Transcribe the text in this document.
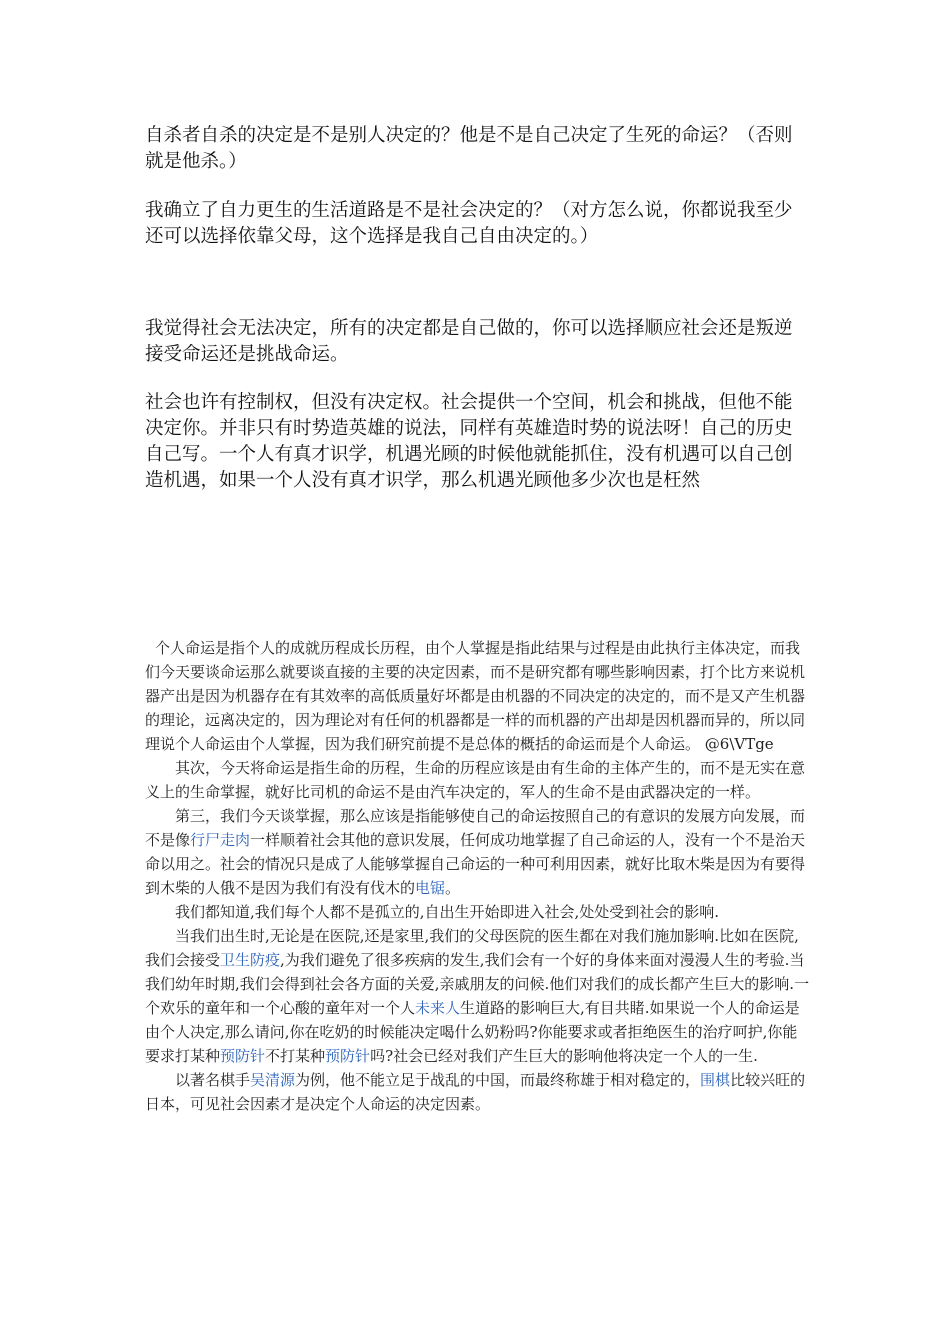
自杀者自杀的决定是不是别人决定的？他是不是自己决定了生死的命运？（否则就是他杀。）

我确立了自力更生的生活道路是不是社会决定的？（对方怎么说，你都说我至少还可以选择依靠父母，这个选择是我自己自由决定的。）

我觉得社会无法决定，所有的决定都是自己做的，你可以选择顺应社会还是叛逆接受命运还是挑战命运。

社会也许有控制权，但没有决定权。社会提供一个空间，机会和挑战，但他不能决定你。并非只有时势造英雄的说法，同样有英雄造时势的说法呀！自己的历史自己写。一个人有真才识学，机遇光顾的时候他就能抓住，没有机遇可以自己创造机遇，如果一个人没有真才识学，那么机遇光顾他多少次也是枉然

个人命运是指个人的成就历程成长历程，由个人掌握是指此结果与过程是由此执行主体决定，而我们今天要谈命运那么就要谈直接的主要的决定因素，而不是研究都有哪些影响因素，打个比方来说机器产出是因为机器存在有其效率的高低质量好坏都是由机器的不同决定的决定的，而不是又产生机器的理论，远离决定的，因为理论对有任何的机器都是一样的而机器的产出却是因机器而异的，所以同理说个人命运由个人掌握，因为我们研究前提不是总体的概括的命运而是个人命运。 @6\VTge

其次，今天将命运是指生命的历程，生命的历程应该是由有生命的主体产生的，而不是无实在意义上的生命掌握，就好比司机的命运不是由汽车决定的，军人的生命不是由武器决定的一样。

第三，我们今天谈掌握，那么应该是指能够使自己的命运按照自己的有意识的发展方向发展，而不是像行尸走肉一样顺着社会其他的意识发展，任何成功地掌握了自己命运的人，没有一个不是治天命以用之。社会的情况只是成了人能够掌握自己命运的一种可利用因素，就好比取木柴是因为有要得到木柴的人俄不是因为我们有没有伐木的电锯。

我们都知道,我们每个人都不是孤立的,自出生开始即进入社会,处处受到社会的影响.

当我们出生时,无论是在医院,还是家里,我们的父母医院的医生都在对我们施加影响.比如在医院,我们会接受卫生防疫,为我们避免了很多疾病的发生,我们会有一个好的身体来面对漫漫人生的考验.当我们幼年时期,我们会得到社会各方面的关爱,亲戚朋友的问候.他们对我们的成长都产生巨大的影响.一个欢乐的童年和一个心酸的童年对一个人未来人生道路的影响巨大,有目共睹.如果说一个人的命运是由个人决定,那么请问,你在吃奶的时候能决定喝什么奶粉吗?你能要求或者拒绝医生的治疗呵护,你能要求打某种预防针不打某种预防针吗?社会已经对我们产生巨大的影响他将决定一个人的一生.

以著名棋手吴清源为例，他不能立足于战乱的中国，而最终称雄于相对稳定的，围棋比较兴旺的日本，可见社会因素才是决定个人命运的决定因素。
